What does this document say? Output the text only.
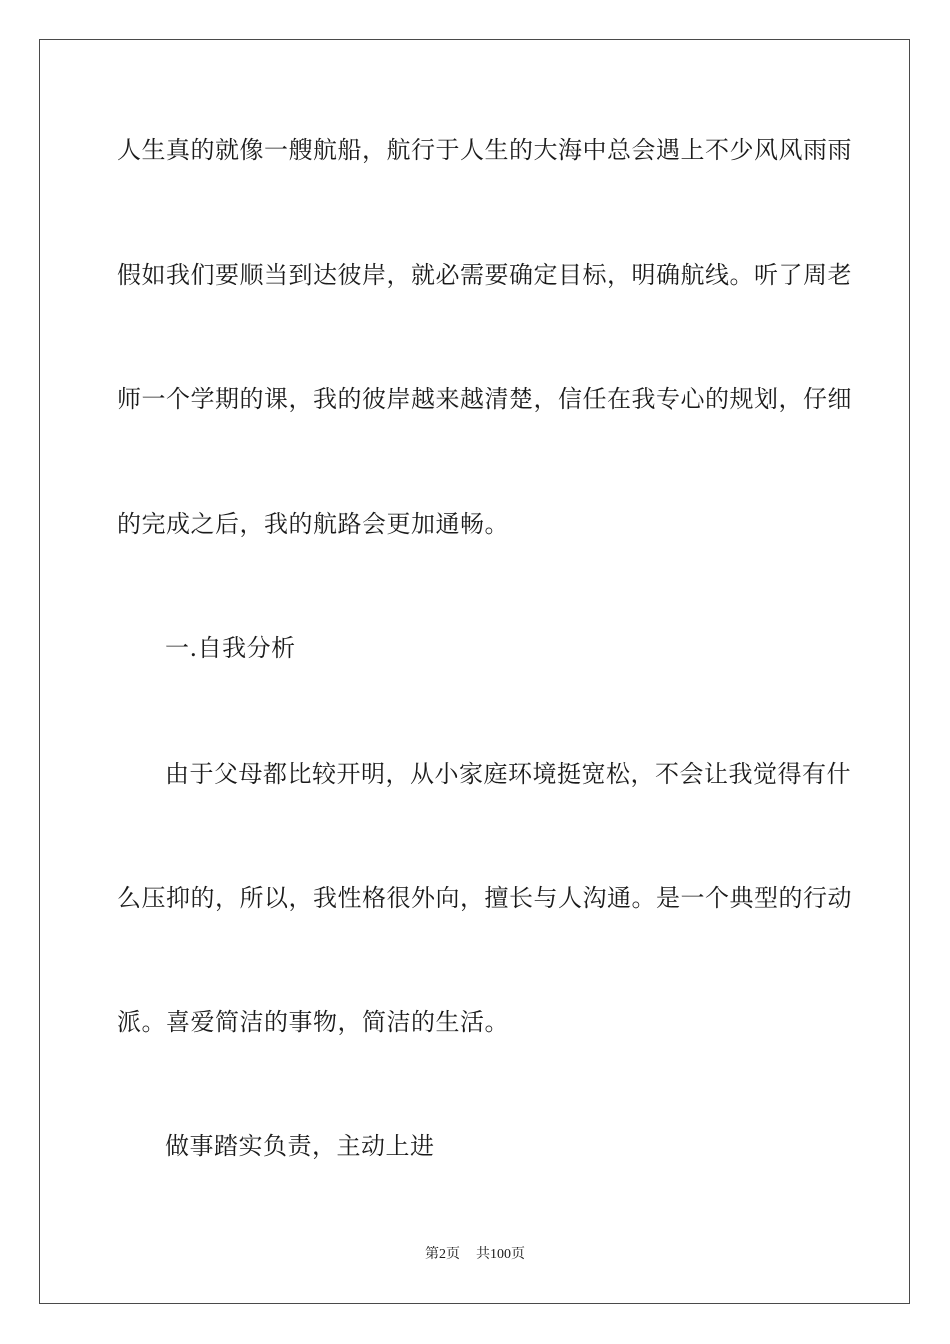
人生真的就像一艘航船，航行于人生的大海中总会遇上不少风风雨雨
假如我们要顺当到达彼岸，就必需要确定目标，明确航线。听了周老
师一个学期的课，我的彼岸越来越清楚，信任在我专心的规划，仔细
的完成之后，我的航路会更加通畅。
一.自我分析
由于父母都比较开明，从小家庭环境挺宽松，不会让我觉得有什
么压抑的，所以，我性格很外向，擅长与人沟通。是一个典型的行动
派。喜爱简洁的事物，简洁的生活。
做事踏实负责，主动上进
第2页 共100页
